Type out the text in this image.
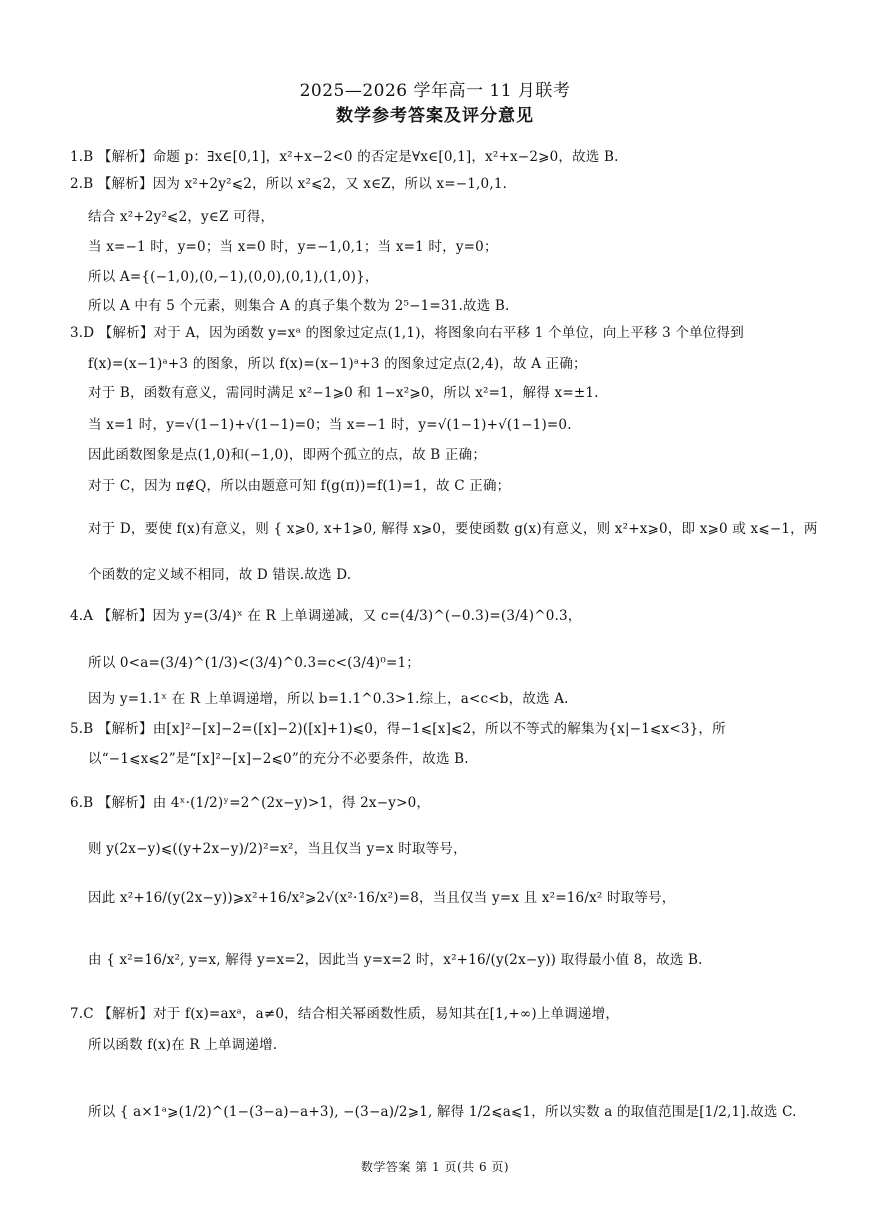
2025—2026 学年高一 11 月联考
数学参考答案及评分意见
1.B 【解析】命题 p：∃x∈[0,1]，x²+x−2<0 的否定是∀x∈[0,1]，x²+x−2⩾0，故选 B.
2.B 【解析】因为 x²+2y²⩽2，所以 x²⩽2，又 x∈Z，所以 x=−1,0,1.
结合 x²+2y²⩽2，y∈Z 可得，
当 x=−1 时，y=0；当 x=0 时，y=−1,0,1；当 x=1 时，y=0；
所以 A={(−1,0),(0,−1),(0,0),(0,1),(1,0)}，
所以 A 中有 5 个元素，则集合 A 的真子集个数为 2⁵−1=31.故选 B.
3.D 【解析】对于 A，因为函数 y=xᵃ 的图象过定点(1,1)，将图象向右平移 1 个单位，向上平移 3 个单位得到
f(x)=(x−1)ᵃ+3 的图象，所以 f(x)=(x−1)ᵃ+3 的图象过定点(2,4)，故 A 正确；
对于 B，函数有意义，需同时满足 x²−1⩾0 和 1−x²⩾0，所以 x²=1，解得 x=±1.
当 x=1 时，y=√(1−1)+√(1−1)=0；当 x=−1 时，y=√(1−1)+√(1−1)=0.
因此函数图象是点(1,0)和(−1,0)，即两个孤立的点，故 B 正确；
对于 C，因为 π∉Q，所以由题意可知 f(g(π))=f(1)=1，故 C 正确；
对于 D，要使 f(x)有意义，则 { x⩾0, x+1⩾0, 解得 x⩾0，要使函数 g(x)有意义，则 x²+x⩾0，即 x⩾0 或 x⩽−1，两
个函数的定义域不相同，故 D 错误.故选 D.
4.A 【解析】因为 y=(3/4)ˣ 在 R 上单调递减，又 c=(4/3)^(−0.3)=(3/4)^0.3，
所以 0<a=(3/4)^(1/3)<(3/4)^0.3=c<(3/4)⁰=1；
因为 y=1.1ˣ 在 R 上单调递增，所以 b=1.1^0.3>1.综上，a<c<b，故选 A.
5.B 【解析】由[x]²−[x]−2=([x]−2)([x]+1)⩽0，得−1⩽[x]⩽2，所以不等式的解集为{x|−1⩽x<3}，所
以“−1⩽x⩽2”是“[x]²−[x]−2⩽0”的充分不必要条件，故选 B.
6.B 【解析】由 4ˣ·(1/2)ʸ=2^(2x−y)>1，得 2x−y>0，
则 y(2x−y)⩽((y+2x−y)/2)²=x²，当且仅当 y=x 时取等号，
因此 x²+16/(y(2x−y))⩾x²+16/x²⩾2√(x²·16/x²)=8，当且仅当 y=x 且 x²=16/x² 时取等号，
由 { x²=16/x², y=x, 解得 y=x=2，因此当 y=x=2 时，x²+16/(y(2x−y)) 取得最小值 8，故选 B.
7.C 【解析】对于 f(x)=axᵃ，a≠0，结合相关幂函数性质，易知其在[1,+∞)上单调递增，
所以函数 f(x)在 R 上单调递增.
所以 { a×1ᵃ⩾(1/2)^(1−(3−a)−a+3), −(3−a)/2⩾1, 解得 1/2⩽a⩽1，所以实数 a 的取值范围是[1/2,1].故选 C.
数学答案 第 1 页(共 6 页)
